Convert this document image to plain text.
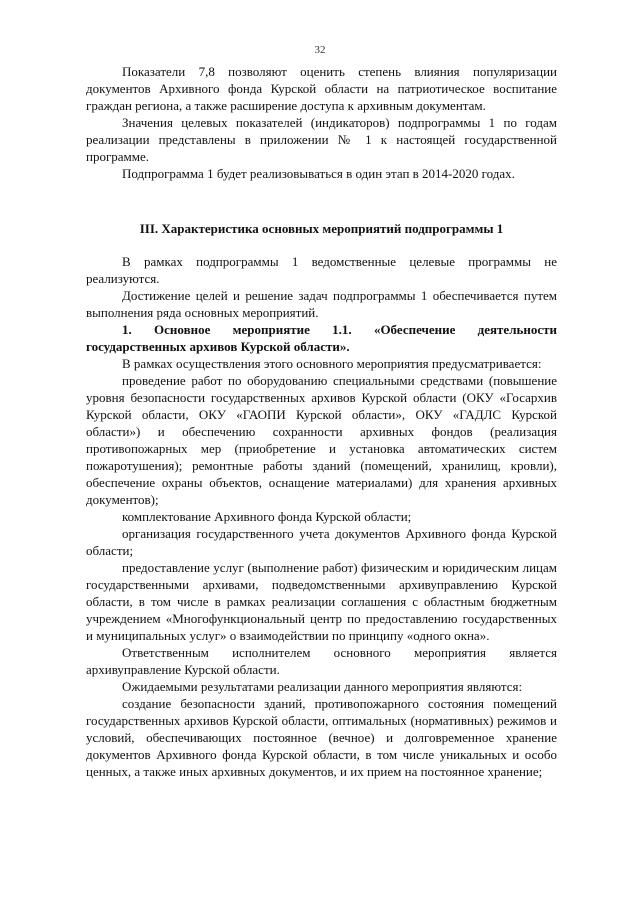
32

Показатели 7,8 позволяют оценить степень влияния популяризации документов Архивного фонда Курской области на патриотическое воспитание граждан региона, а также расширение доступа к архивным документам.

Значения целевых показателей (индикаторов) подпрограммы 1 по годам реализации представлены в приложении № 1 к настоящей государственной программе.

Подпрограмма 1 будет реализовываться в один этап в 2014-2020 годах.

III. Характеристика основных мероприятий подпрограммы 1

В рамках подпрограммы 1 ведомственные целевые программы не реализуются.

Достижение целей и решение задач подпрограммы 1 обеспечивается путем выполнения ряда основных мероприятий.

1. Основное мероприятие 1.1. «Обеспечение деятельности государственных архивов Курской области».

В рамках осуществления этого основного мероприятия предусматривается:

проведение работ по оборудованию специальными средствами (повышение уровня безопасности государственных архивов Курской области (ОКУ «Госархив Курской области, ОКУ «ГАОПИ Курской области», ОКУ «ГАДЛС Курской области») и обеспечению сохранности архивных фондов (реализация противопожарных мер (приобретение и установка автоматических систем пожаротушения); ремонтные работы зданий (помещений, хранилищ, кровли), обеспечение охраны объектов, оснащение материалами) для хранения архивных документов);

комплектование Архивного фонда Курской области;

организация государственного учета документов Архивного фонда Курской области;

предоставление услуг (выполнение работ) физическим и юридическим лицам государственными архивами, подведомственными архивуправлению Курской области, в том числе в рамках реализации соглашения с областным бюджетным учреждением «Многофункциональный центр по предоставлению государственных и муниципальных услуг» о взаимодействии по принципу «одного окна».

Ответственным исполнителем основного мероприятия является архивуправление Курской области.

Ожидаемыми результатами реализации данного мероприятия являются:

создание безопасности зданий, противопожарного состояния помещений государственных архивов Курской области, оптимальных (нормативных) режимов и условий, обеспечивающих постоянное (вечное) и долговременное хранение документов Архивного фонда Курской области, в том числе уникальных и особо ценных, а также иных архивных документов, и их прием на постоянное хранение;
